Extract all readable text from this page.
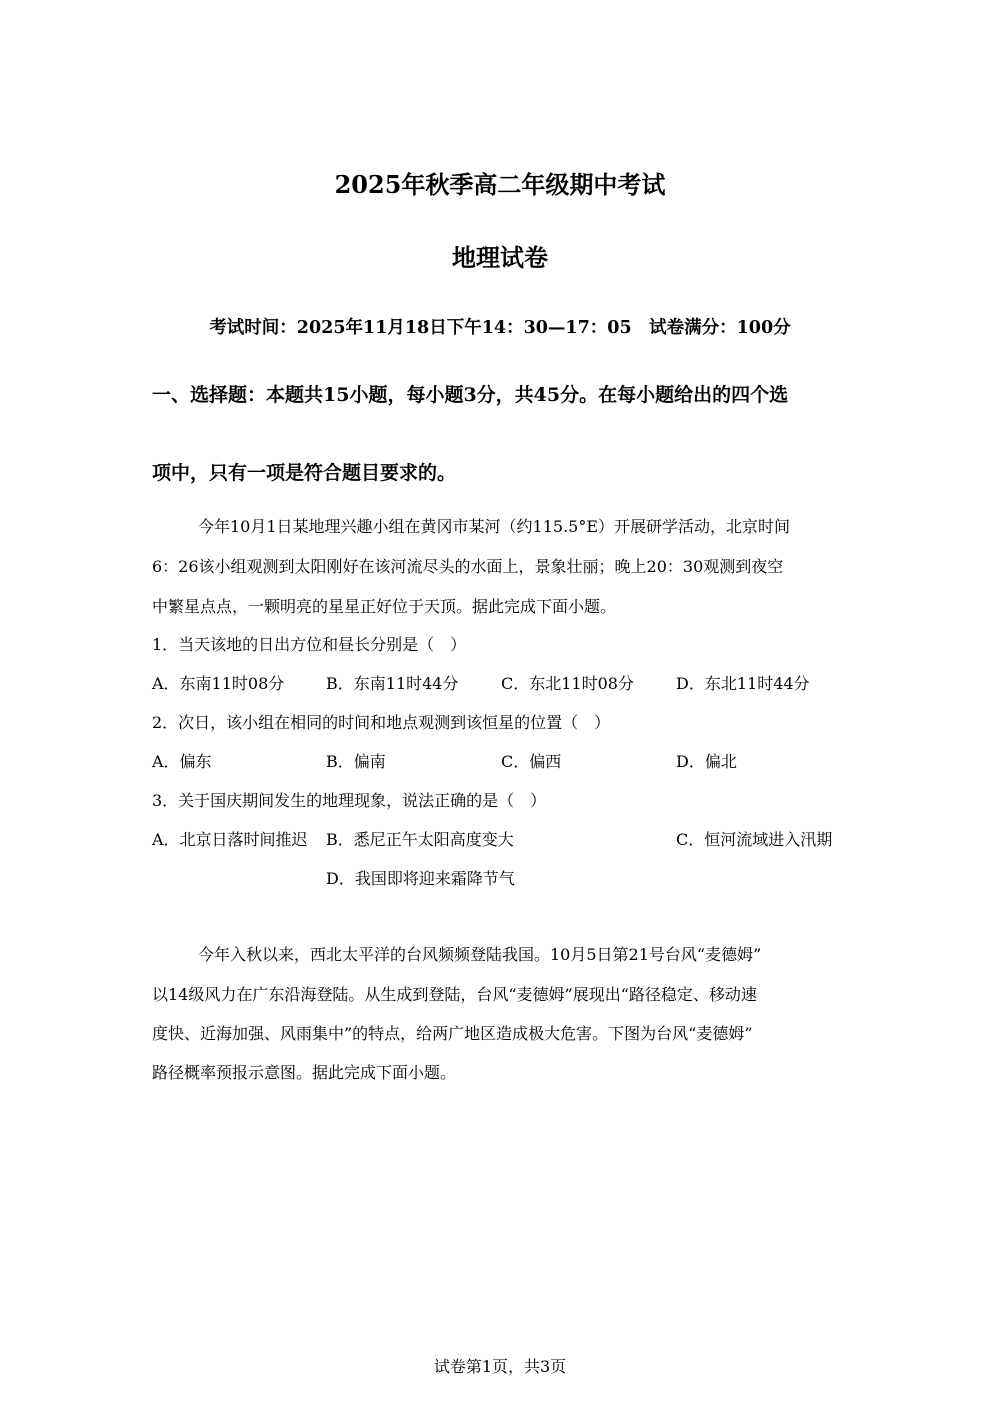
2025年秋季高二年级期中考试
地理试卷
考试时间：2025年11月18日下午14：30—17：05　试卷满分：100分
一、选择题：本题共15小题，每小题3分，共45分。在每小题给出的四个选
项中，只有一项是符合题目要求的。
今年10月1日某地理兴趣小组在黄冈市某河（约115.5°E）开展研学活动，北京时间
6：26该小组观测到太阳刚好在该河流尽头的水面上，景象壮丽；晚上20：30观测到夜空
中繁星点点，一颗明亮的星星正好位于天顶。据此完成下面小题。
1．当天该地的日出方位和昼长分别是（　）
A．东南11时08分	B．东南11时44分	C．东北11时08分	D．东北11时44分
2．次日，该小组在相同的时间和地点观测到该恒星的位置（　）
A．偏东	B．偏南	C．偏西	D．偏北
3．关于国庆期间发生的地理现象，说法正确的是（　）
A．北京日落时间推迟 B．悉尼正午太阳高度变大	C．恒河流域进入汛期
D．我国即将迎来霜降节气
今年入秋以来，西北太平洋的台风频频登陆我国。10月5日第21号台风“麦德姆”
以14级风力在广东沿海登陆。从生成到登陆，台风“麦德姆”展现出“路径稳定、移动速
度快、近海加强、风雨集中”的特点，给两广地区造成极大危害。下图为台风“麦德姆”
路径概率预报示意图。据此完成下面小题。
试卷第1页，共3页
